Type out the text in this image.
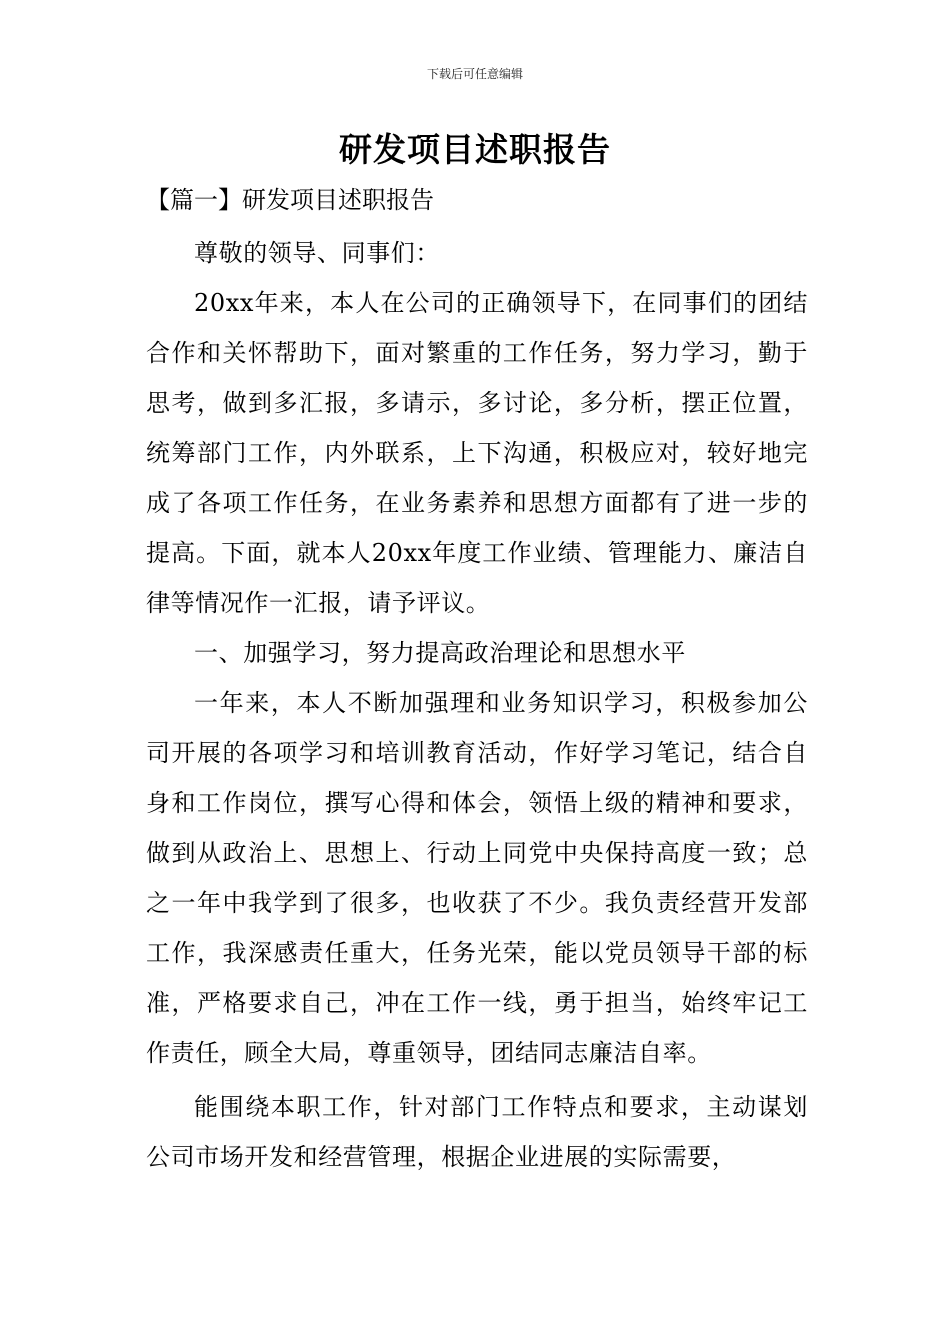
下载后可任意编辑
研发项目述职报告
【篇一】研发项目述职报告

尊敬的领导、同事们：

20xx年来，本人在公司的正确领导下，在同事们的团结合作和关怀帮助下，面对繁重的工作任务，努力学习，勤于思考，做到多汇报，多请示，多讨论，多分析，摆正位置，统筹部门工作，内外联系，上下沟通，积极应对，较好地完成了各项工作任务，在业务素养和思想方面都有了进一步的提高。下面，就本人20xx年度工作业绩、管理能力、廉洁自律等情况作一汇报，请予评议。

一、加强学习，努力提高政治理论和思想水平

一年来，本人不断加强理和业务知识学习，积极参加公司开展的各项学习和培训教育活动，作好学习笔记，结合自身和工作岗位，撰写心得和体会，领悟上级的精神和要求，做到从政治上、思想上、行动上同党中央保持高度一致；总之一年中我学到了很多，也收获了不少。我负责经营开发部工作，我深感责任重大，任务光荣，能以党员领导干部的标准，严格要求自己，冲在工作一线，勇于担当，始终牢记工作责任，顾全大局，尊重领导，团结同志廉洁自率。

能围绕本职工作，针对部门工作特点和要求，主动谋划公司市场开发和经营管理，根据企业进展的实际需要，
